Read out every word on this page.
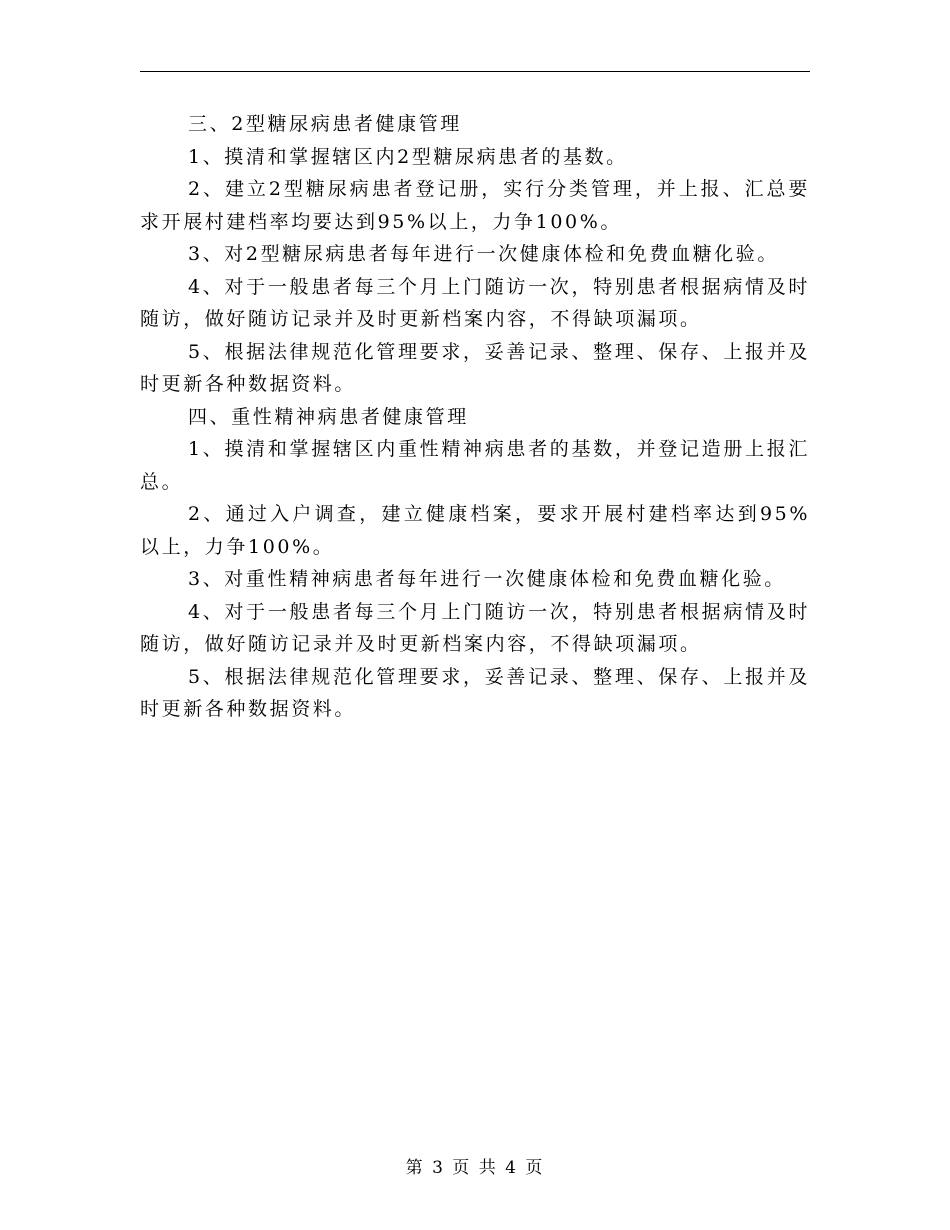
三、2型糖尿病患者健康管理

1、摸清和掌握辖区内2型糖尿病患者的基数。

2、建立2型糖尿病患者登记册，实行分类管理，并上报、汇总要求开展村建档率均要达到95%以上，力争100%。

3、对2型糖尿病患者每年进行一次健康体检和免费血糖化验。

4、对于一般患者每三个月上门随访一次，特别患者根据病情及时随访，做好随访记录并及时更新档案内容，不得缺项漏项。

5、根据法律规范化管理要求，妥善记录、整理、保存、上报并及时更新各种数据资料。

四、重性精神病患者健康管理

1、摸清和掌握辖区内重性精神病患者的基数，并登记造册上报汇总。

2、通过入户调查，建立健康档案，要求开展村建档率达到95%以上，力争100%。

3、对重性精神病患者每年进行一次健康体检和免费血糖化验。

4、对于一般患者每三个月上门随访一次，特别患者根据病情及时随访，做好随访记录并及时更新档案内容，不得缺项漏项。

5、根据法律规范化管理要求，妥善记录、整理、保存、上报并及时更新各种数据资料。

第 3 页 共 4 页
